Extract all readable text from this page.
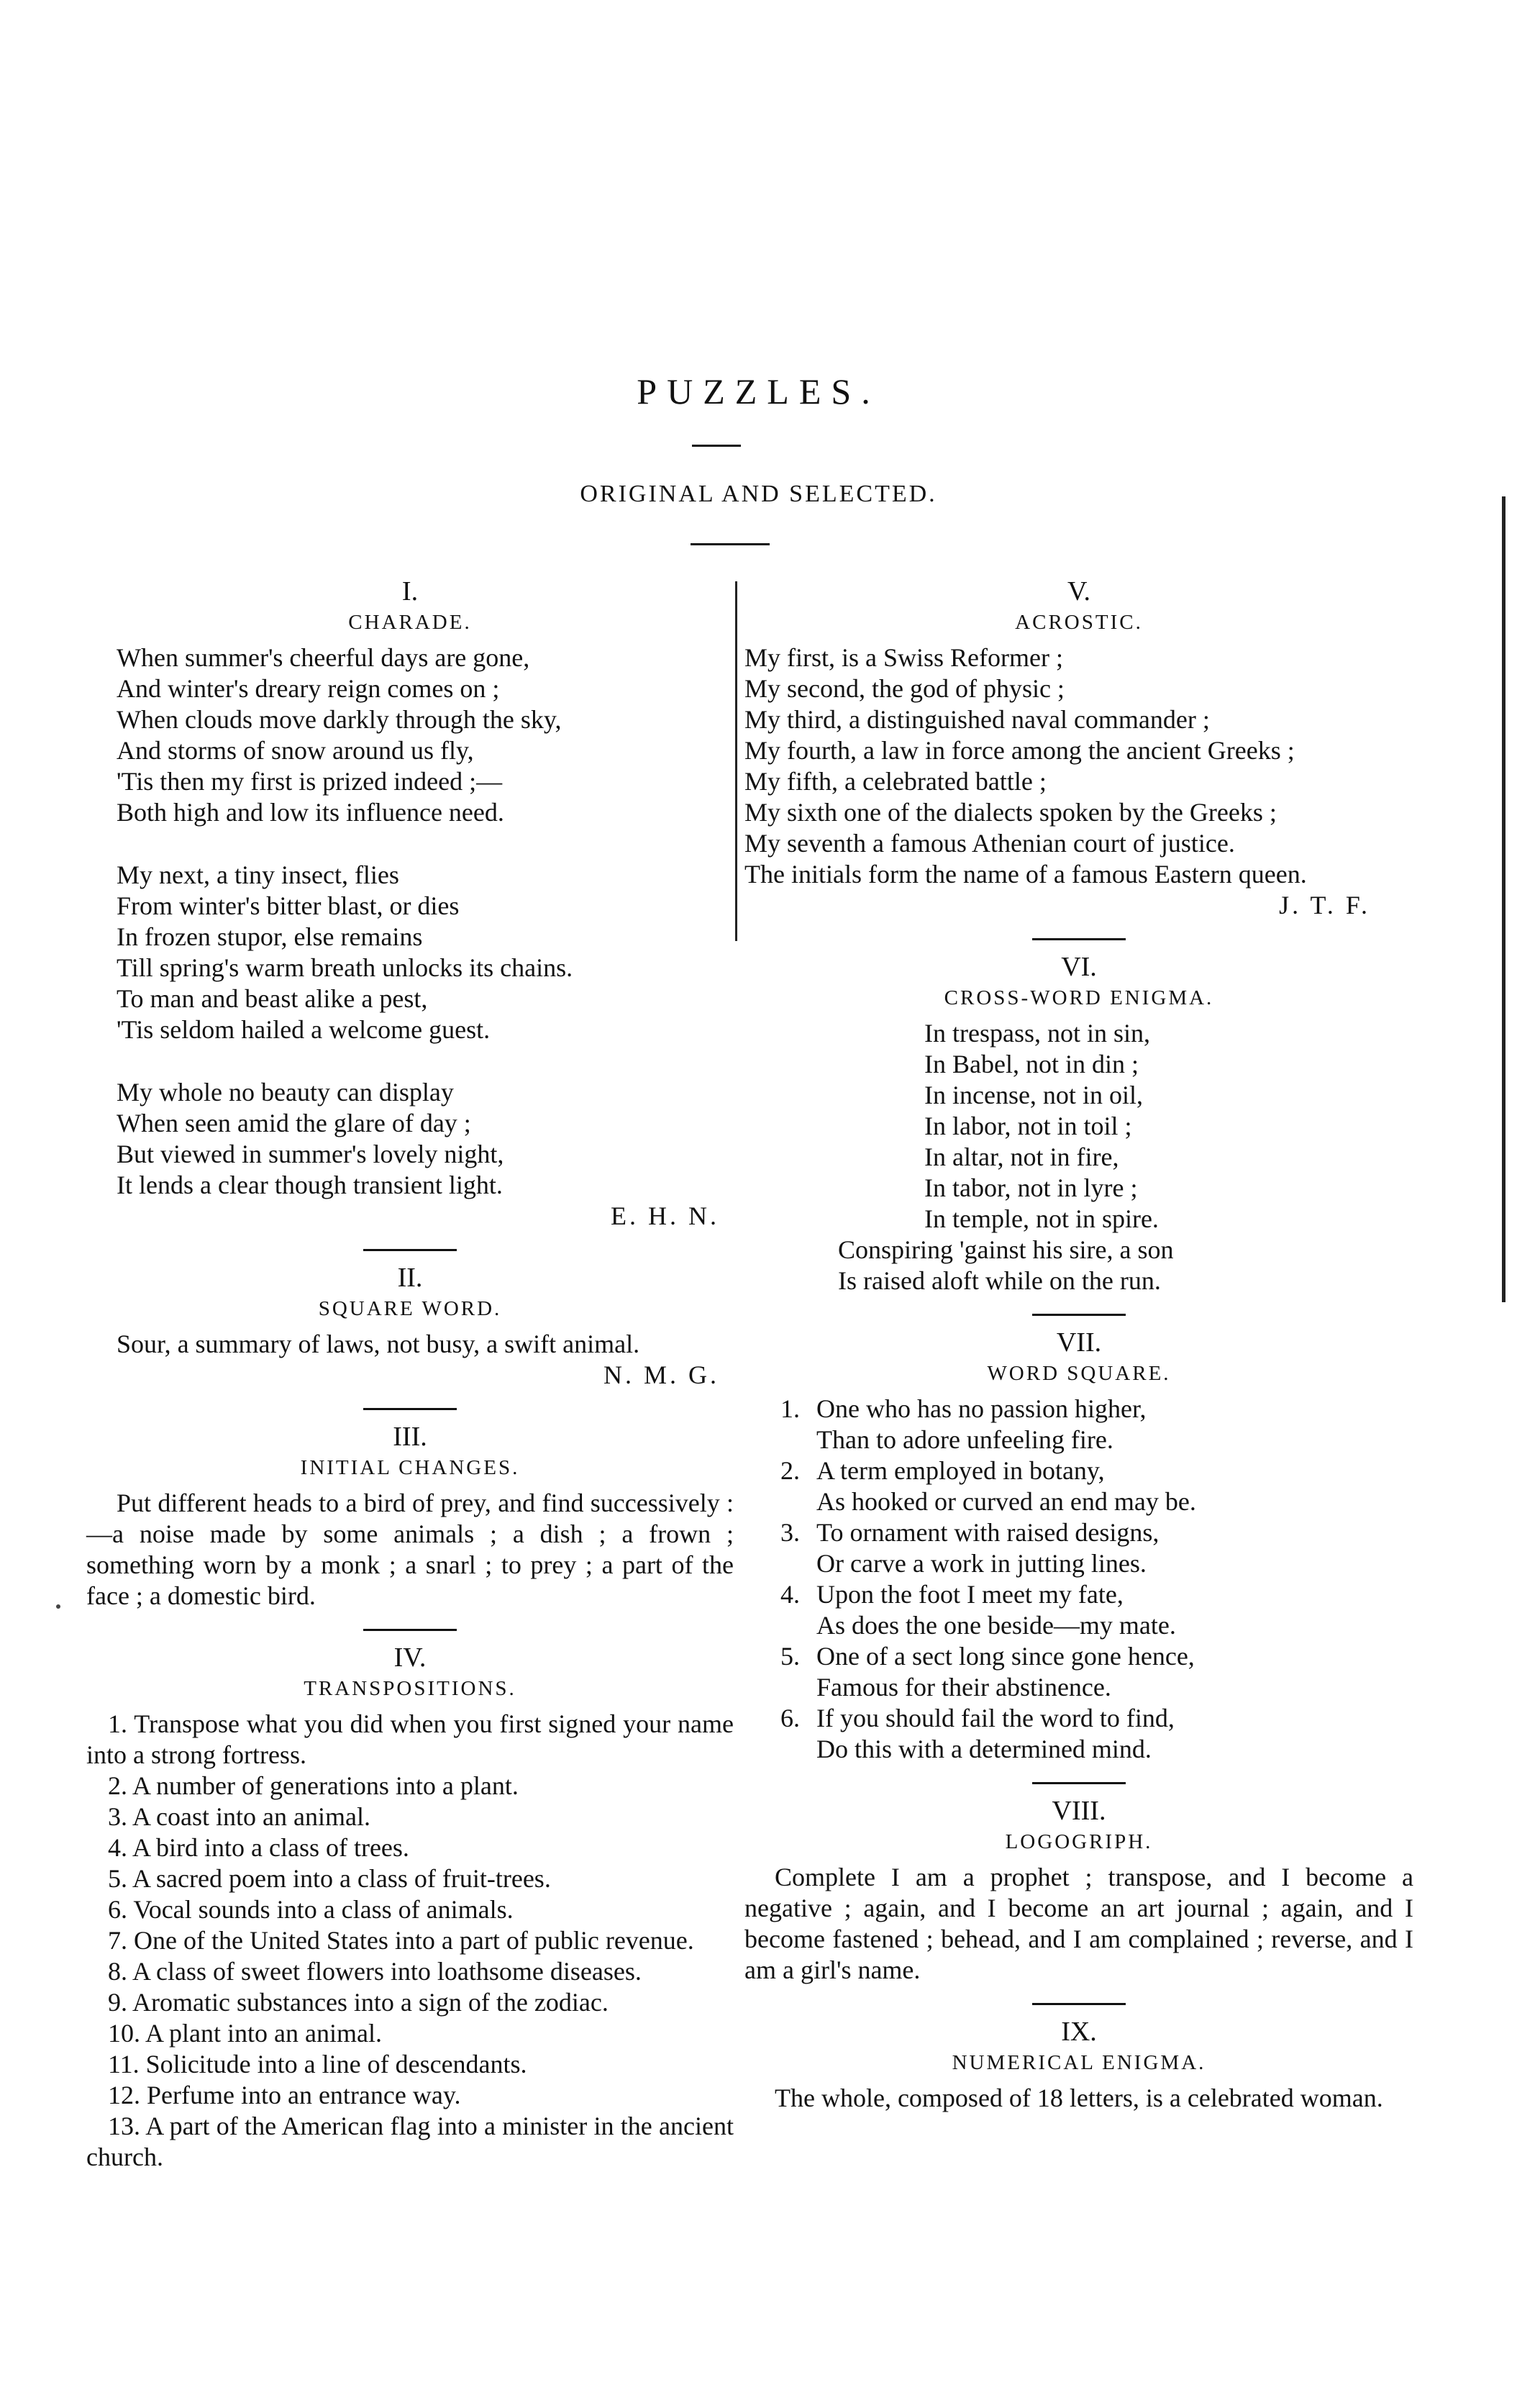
PUZZLES.
ORIGINAL AND SELECTED.
I.
CHARADE.
When summer's cheerful days are gone,
And winter's dreary reign comes on ;
When clouds move darkly through the sky,
And storms of snow around us fly,
'Tis then my first is prized indeed ;—
Both high and low its influence need.
My next, a tiny insect, flies
From winter's bitter blast, or dies
In frozen stupor, else remains
Till spring's warm breath unlocks its chains.
To man and beast alike a pest,
'Tis seldom hailed a welcome guest.
My whole no beauty can display
When seen amid the glare of day ;
But viewed in summer's lovely night,
It lends a clear though transient light.
E. H. N.
II.
SQUARE WORD.
Sour, a summary of laws, not busy, a swift animal.
N. M. G.
III.
INITIAL CHANGES.
Put different heads to a bird of prey, and find successively :—a noise made by some animals ; a dish ; a frown ; something worn by a monk ; a snarl ; to prey ; a part of the face ; a domestic bird.
IV.
TRANSPOSITIONS.
1. Transpose what you did when you first signed your name into a strong fortress.
2. A number of generations into a plant.
3. A coast into an animal.
4. A bird into a class of trees.
5. A sacred poem into a class of fruit-trees.
6. Vocal sounds into a class of animals.
7. One of the United States into a part of public revenue.
8. A class of sweet flowers into loathsome diseases.
9. Aromatic substances into a sign of the zodiac.
10. A plant into an animal.
11. Solicitude into a line of descendants.
12. Perfume into an entrance way.
13. A part of the American flag into a minister in the ancient church.
V.
ACROSTIC.
My first, is a Swiss Reformer ;
My second, the god of physic ;
My third, a distinguished naval commander ;
My fourth, a law in force among the ancient Greeks ;
My fifth, a celebrated battle ;
My sixth one of the dialects spoken by the Greeks ;
My seventh a famous Athenian court of justice.
The initials form the name of a famous Eastern queen.
J. T. F.
VI.
CROSS-WORD ENIGMA.
In trespass, not in sin,
In Babel, not in din ;
In incense, not in oil,
In labor, not in toil ;
In altar, not in fire,
In tabor, not in lyre ;
In temple, not in spire.
Conspiring 'gainst his sire, a son
Is raised aloft while on the run.
VII.
WORD SQUARE.
1. One who has no passion higher,
Than to adore unfeeling fire.
2. A term employed in botany,
As hooked or curved an end may be.
3. To ornament with raised designs,
Or carve a work in jutting lines.
4. Upon the foot I meet my fate,
As does the one beside—my mate.
5. One of a sect long since gone hence,
Famous for their abstinence.
6. If you should fail the word to find,
Do this with a determined mind.
VIII.
LOGOGRIPH.
Complete I am a prophet ; transpose, and I become a negative ; again, and I become an art journal ; again, and I become fastened ; behead, and I am complained ; reverse, and I am a girl's name.
IX.
NUMERICAL ENIGMA.
The whole, composed of 18 letters, is a celebrated woman.
